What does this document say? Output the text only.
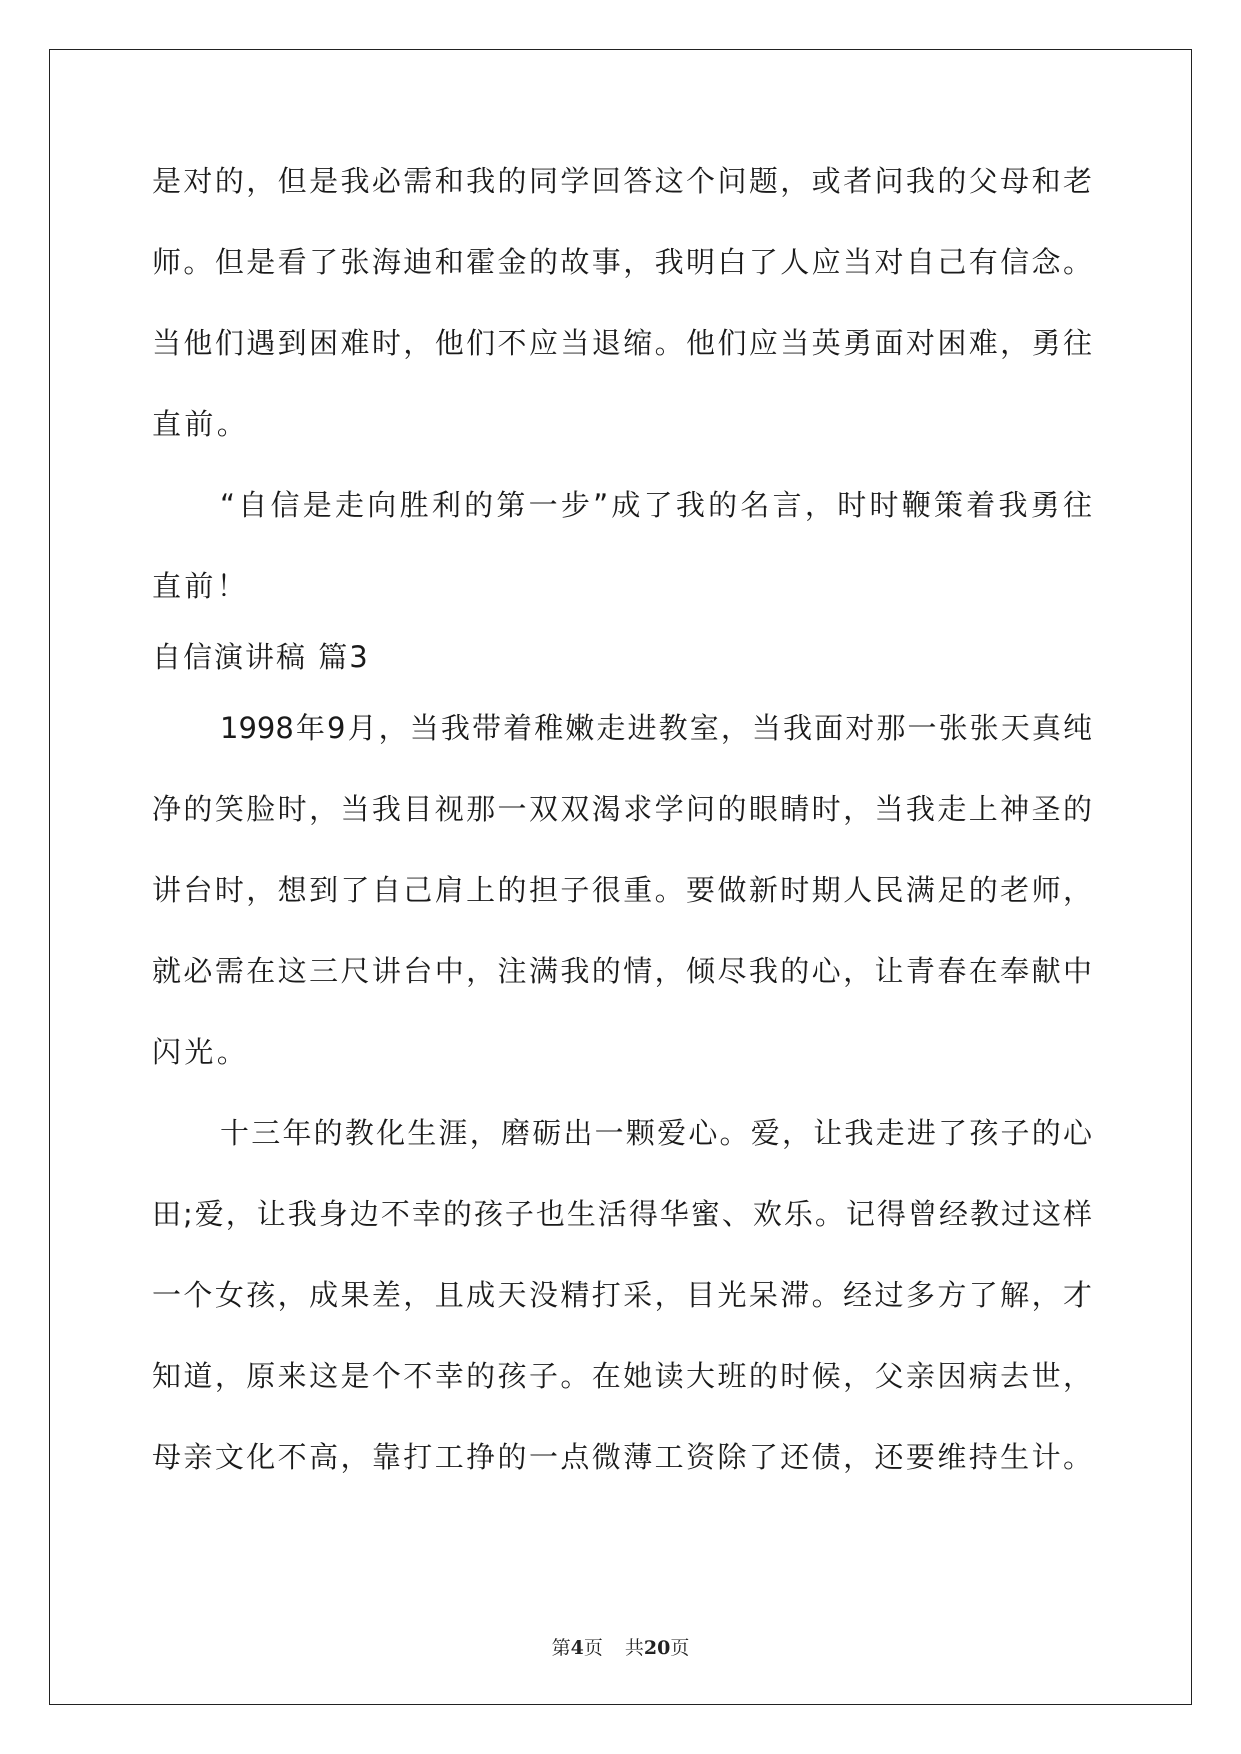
是对的，但是我必需和我的同学回答这个问题，或者问我的父母和老
师。但是看了张海迪和霍金的故事，我明白了人应当对自己有信念。
当他们遇到困难时，他们不应当退缩。他们应当英勇面对困难，勇往
直前。
“自信是走向胜利的第一步”成了我的名言，时时鞭策着我勇往
直前！
自信演讲稿 篇3
1998年9月，当我带着稚嫩走进教室，当我面对那一张张天真纯
净的笑脸时，当我目视那一双双渴求学问的眼睛时，当我走上神圣的
讲台时，想到了自己肩上的担子很重。要做新时期人民满足的老师，
就必需在这三尺讲台中，注满我的情，倾尽我的心，让青春在奉献中
闪光。
十三年的教化生涯，磨砺出一颗爱心。爱，让我走进了孩子的心
田;爱，让我身边不幸的孩子也生活得华蜜、欢乐。记得曾经教过这样
一个女孩，成果差，且成天没精打采，目光呆滞。经过多方了解，才
知道，原来这是个不幸的孩子。在她读大班的时候，父亲因病去世，
母亲文化不高，靠打工挣的一点微薄工资除了还债，还要维持生计。
第4页 共20页
